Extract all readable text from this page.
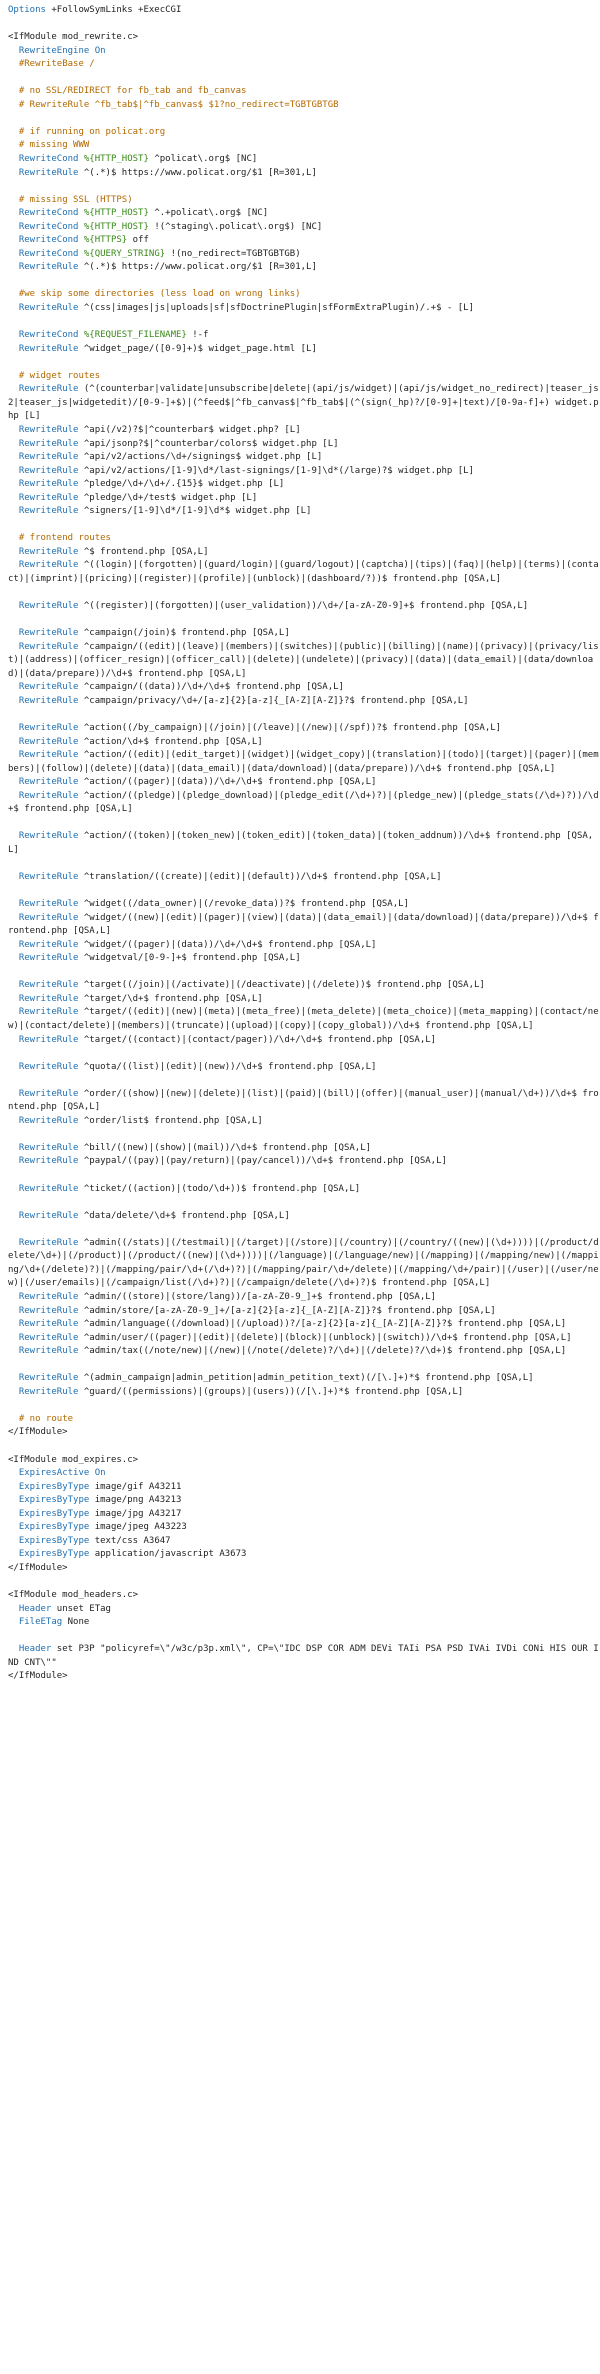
Options +FollowSymLinks +ExecCGI

<IfModule mod_rewrite.c>
RewriteEngine On
#RewriteBase /

# no SSL/REDIRECT for fb_tab and fb_canvas
# RewriteRule ^fb_tab$|^fb_canvas$ $1?no_redirect=TGBTGBTGB

# if running on policat.org
# missing WWW
RewriteCond %{HTTP_HOST} ^policat\.org$ [NC]
RewriteRule ^(.*)$ https://www.policat.org/$1 [R=301,L]

# missing SSL (HTTPS)
RewriteCond %{HTTP_HOST} ^.+policat\.org$ [NC]
RewriteCond %{HTTP_HOST} !(^staging\.policat\.org$) [NC]
RewriteCond %{HTTPS} off
RewriteCond %{QUERY_STRING} !(no_redirect=TGBTGBTGB)
RewriteRule ^(.*)$ https://www.policat.org/$1 [R=301,L]

#we skip some directories (less load on wrong links)
RewriteRule ^(css|images|js|uploads|sf|sfDoctrinePlugin|sfFormExtraPlugin)/.+$ - [L]

RewriteCond %{REQUEST_FILENAME} !-f
RewriteRule ^widget_page/([0-9]+)$ widget_page.html [L]

# widget routes
RewriteRule (^(counterbar|validate|unsubscribe|delete|(api/js/widget)|(api/js/widget_no_redirect)|teaser_js2|teaser_js|widgetedit)/[0-9-]+$)|(^feed$|^fb_canvas$|^fb_tab$|(^(sign(_hp)?/[0-9]+|text)/[0-9a-f]+) widget.php [L]
RewriteRule ^api(/v2)?$|^counterbar$ widget.php? [L]
RewriteRule ^api/jsonp?$|^counterbar/colors$ widget.php [L]
RewriteRule ^api/v2/actions/\d+/signings$ widget.php [L]
RewriteRule ^api/v2/actions/[1-9]\d*/last-signings/[1-9]\d*(/large)?$ widget.php [L]
RewriteRule ^pledge/\d+/\d+/.{15}$ widget.php [L]
RewriteRule ^pledge/\d+/test$ widget.php [L]
RewriteRule ^signers/[1-9]\d*/[1-9]\d*$ widget.php [L]

# frontend routes
RewriteRule ^$ frontend.php [QSA,L]
RewriteRule ^((login)|(forgotten)|(guard/login)|(guard/logout)|(captcha)|(tips)|(faq)|(help)|(terms)|(contact)|(imprint)|(pricing)|(register)|(profile)|(unblock)|(dashboard/?))$ frontend.php [QSA,L]

RewriteRule ^((register)|(forgotten)|(user_validation))/\d+/[a-zA-Z0-9]+$ frontend.php [QSA,L]

RewriteRule ^campaign(/join)$ frontend.php [QSA,L]
RewriteRule ^campaign/((edit)|(leave)|(members)|(switches)|(public)|(billing)|(name)|(privacy)|(privacy/list)|(address)|(officer_resign)|(officer_call)|(delete)|(undelete)|(privacy)|(data)|(data_email)|(data/download)|(data/prepare))/\d+$ frontend.php [QSA,L]
RewriteRule ^campaign/((data))/\d+/\d+$ frontend.php [QSA,L]
RewriteRule ^campaign/privacy/\d+/[a-z]{2}[a-z]{_[A-Z][A-Z]}?$ frontend.php [QSA,L]

RewriteRule ^action((/by_campaign)|(/join)|(/leave)|(/new)|(/spf))?$ frontend.php [QSA,L]
RewriteRule ^action/\d+$ frontend.php [QSA,L]
RewriteRule ^action/((edit)|(edit_target)|(widget)|(widget_copy)|(translation)|(todo)|(target)|(pager)|(members)|(follow)|(delete)|(data)|(data_email)|(data/download)|(data/prepare))/\d+$ frontend.php [QSA,L]
RewriteRule ^action/((pager)|(data))/\d+/\d+$ frontend.php [QSA,L]
RewriteRule ^action/((pledge)|(pledge_download)|(pledge_edit(/\d+)?)|(pledge_new)|(pledge_stats(/\d+)?))/\d+$ frontend.php [QSA,L]

RewriteRule ^action/((token)|(token_new)|(token_edit)|(token_data)|(token_addnum))/\d+$ frontend.php [QSA,L]

RewriteRule ^translation/((create)|(edit)|(default))/\d+$ frontend.php [QSA,L]

RewriteRule ^widget((/data_owner)|(/revoke_data))?$ frontend.php [QSA,L]
RewriteRule ^widget/((new)|(edit)|(pager)|(view)|(data)|(data_email)|(data/download)|(data/prepare))/\d+$ frontend.php [QSA,L]
RewriteRule ^widget/((pager)|(data))/\d+/\d+$ frontend.php [QSA,L]
RewriteRule ^widgetval/[0-9-]+$ frontend.php [QSA,L]

RewriteRule ^target((/join)|(/activate)|(/deactivate)|(/delete))$ frontend.php [QSA,L]
RewriteRule ^target/\d+$ frontend.php [QSA,L]
RewriteRule ^target/((edit)|(new)|(meta)|(meta_free)|(meta_delete)|(meta_choice)|(meta_mapping)|(contact/new)|(contact/delete)|(members)|(truncate)|(upload)|(copy)|(copy_global))/\d+$ frontend.php [QSA,L]
RewriteRule ^target/((contact)|(contact/pager))/\d+/\d+$ frontend.php [QSA,L]

RewriteRule ^quota/((list)|(edit)|(new))/\d+$ frontend.php [QSA,L]

RewriteRule ^order/((show)|(new)|(delete)|(list)|(paid)|(bill)|(offer)|(manual_user)|(manual/\d+))/\d+$ frontend.php [QSA,L]
RewriteRule ^order/list$ frontend.php [QSA,L]

RewriteRule ^bill/((new)|(show)|(mail))/\d+$ frontend.php [QSA,L]
RewriteRule ^paypal/((pay)|(pay/return)|(pay/cancel))/\d+$ frontend.php [QSA,L]

RewriteRule ^ticket/((action)|(todo/\d+))$ frontend.php [QSA,L]

RewriteRule ^data/delete/\d+$ frontend.php [QSA,L]

RewriteRule ^admin((/stats)|(/testmail)|(/target)|(/store)|(/country)|(/country/((new)|(\d+))))|(/product/delete/\d+)|(/product)|(/product/((new)|(\d+))))|(/language)|(/language/new)|(/mapping)|(/mapping/new)|(/mapping/\d+(/delete)?)|(/mapping/pair/\d+(/\d+)?)|(/mapping/pair/\d+/delete)|(/mapping/\d+/pair)|(/user)|(/user/new)|(/user/emails)|(/campaign/list(/\d+)?)|(/campaign/delete(/\d+)?)$ frontend.php [QSA,L]
RewriteRule ^admin/((store)|(store/lang))/[a-zA-Z0-9_]+$ frontend.php [QSA,L]
RewriteRule ^admin/store/[a-zA-Z0-9_]+/[a-z]{2}[a-z]{_[A-Z][A-Z]}?$ frontend.php [QSA,L]
RewriteRule ^admin/language((/download)|(/upload))?/[a-z]{2}[a-z]{_[A-Z][A-Z]}?$ frontend.php [QSA,L]
RewriteRule ^admin/user/((pager)|(edit)|(delete)|(block)|(unblock)|(switch))/\d+$ frontend.php [QSA,L]
RewriteRule ^admin/tax((/note/new)|(/new)|(/note(/delete)?/\d+)|(/delete)?/\d+)$ frontend.php [QSA,L]

RewriteRule ^(admin_campaign|admin_petition|admin_petition_text)(/[\.]+)*$ frontend.php [QSA,L]
RewriteRule ^guard/((permissions)|(groups)|(users))(/[\.]+)*$ frontend.php [QSA,L]

# no route
</IfModule>

<IfModule mod_expires.c>
ExpiresActive On
ExpiresByType image/gif A43211
ExpiresByType image/png A43213
ExpiresByType image/jpg A43217
ExpiresByType image/jpeg A43223
ExpiresByType text/css A3647
ExpiresByType application/javascript A3673
</IfModule>

<IfModule mod_headers.c>
Header unset ETag
FileETag None

Header set P3P "policyref=\"/w3c/p3p.xml\", CP=\"IDC DSP COR ADM DEVi TAIi PSA PSD IVAi IVDi CONi HIS OUR IND CNT\""
</IfModule>
